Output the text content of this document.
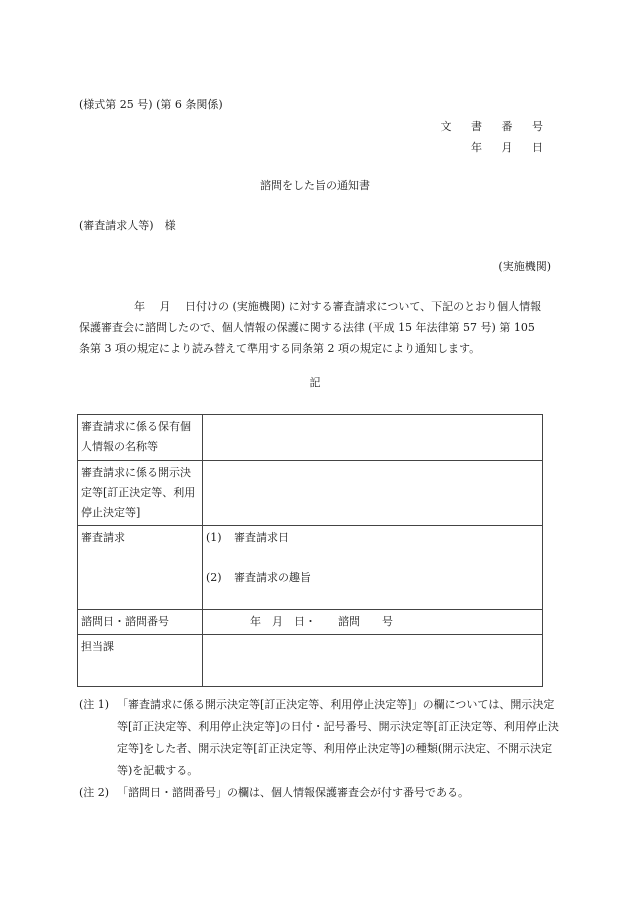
(様式第 25 号) (第 6 条関係)
文 書 番 号
年 月 日
諮問をした旨の通知書
(審査請求人等)　様
(実施機関)

　　　　　年　 月　 日付けの (実施機関) に対する審査請求について、下記のとおり個人情報

保護審査会に諮問したので、個人情報の保護に関する法律 (平成 15 年法律第 57 号) 第 105

条第 3 項の規定により読み替えて準用する同条第 2 項の規定により通知します。

記
審査請求に係る保有個人情報の名称等	
審査請求に係る開示決定等[訂正決定等、利用停止決定等]	
審査請求	(1) 審査請求日
(2) 審査請求の趣旨

諮問日・諮問番号	　　　　年　月　日・　　諮問　　号
担当課	
(注 1) 「審査請求に係る開示決定等[訂正決定等、利用停止決定等]」の欄については、開示決定等[訂正決定等、利用停止決定等]の日付・記号番号、開示決定等[訂正決定等、利用停止決定等]をした者、開示決定等[訂正決定等、利用停止決定等]の種類(開示決定、不開示決定等)を記載する。
(注 2) 「諮問日・諮問番号」の欄は、個人情報保護審査会が付す番号である。
